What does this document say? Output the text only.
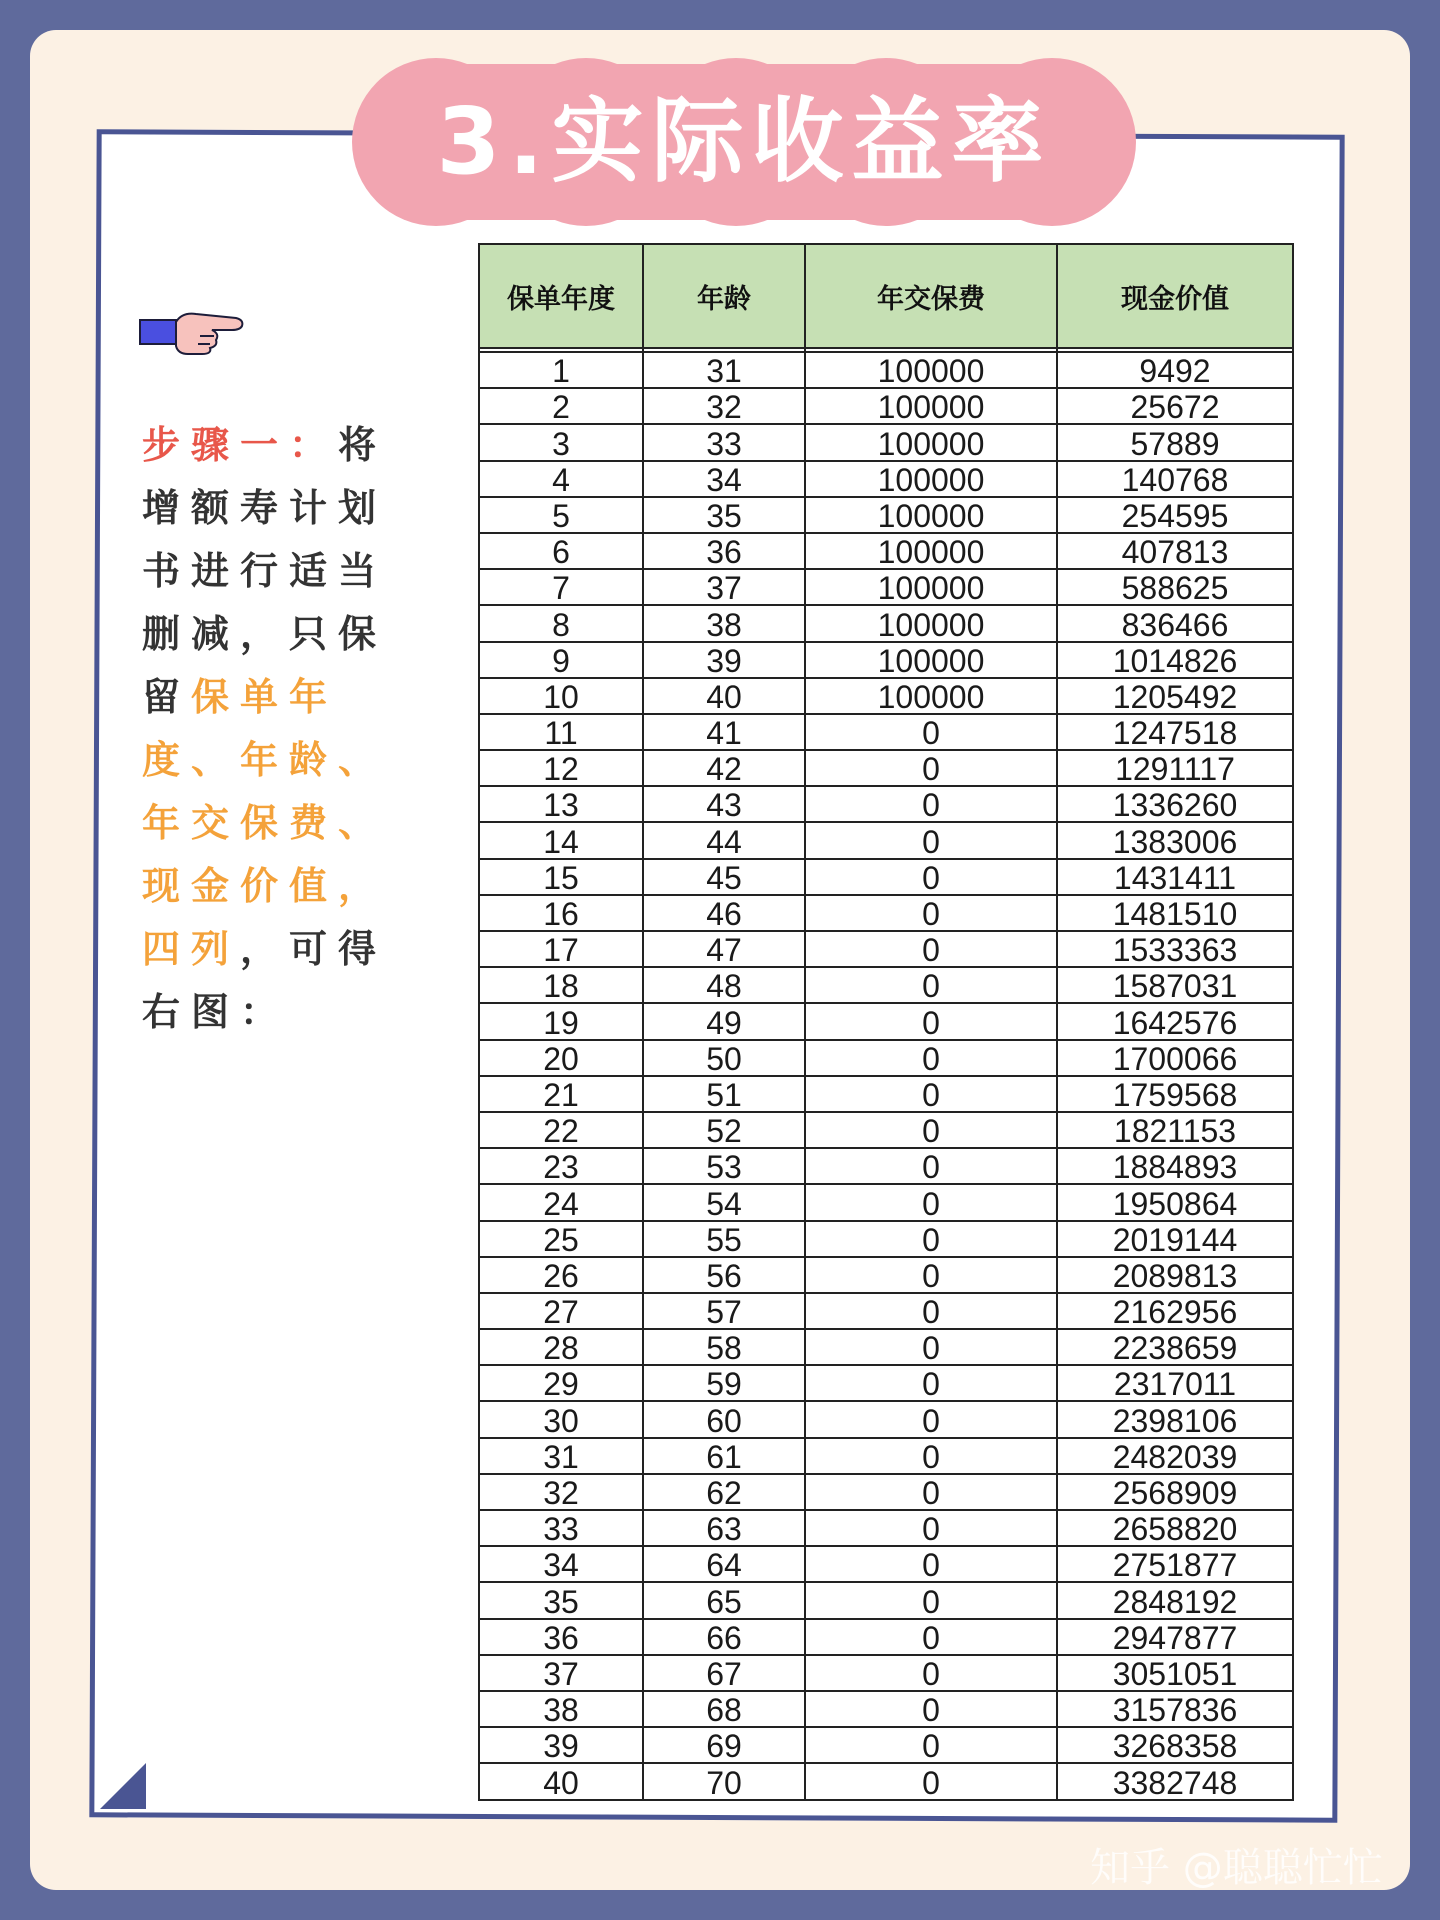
3.实际收益率
步骤一：将增额寿计划书进行适当删减，只保留保单年度、年龄、年交保费、现金价值，四列，可得右图：
保单年度	年龄	年交保费	现金价值

1	31	100000	9492
2	32	100000	25672
3	33	100000	57889
4	34	100000	140768
5	35	100000	254595
6	36	100000	407813
7	37	100000	588625
8	38	100000	836466
9	39	100000	1014826
10	40	100000	1205492
11	41	0	1247518
12	42	0	1291117
13	43	0	1336260
14	44	0	1383006
15	45	0	1431411
16	46	0	1481510
17	47	0	1533363
18	48	0	1587031
19	49	0	1642576
20	50	0	1700066
21	51	0	1759568
22	52	0	1821153
23	53	0	1884893
24	54	0	1950864
25	55	0	2019144
26	56	0	2089813
27	57	0	2162956
28	58	0	2238659
29	59	0	2317011
30	60	0	2398106
31	61	0	2482039
32	62	0	2568909
33	63	0	2658820
34	64	0	2751877
35	65	0	2848192
36	66	0	2947877
37	67	0	3051051
38	68	0	3157836
39	69	0	3268358
40	70	0	3382748
知乎 @聪聪忙忙
